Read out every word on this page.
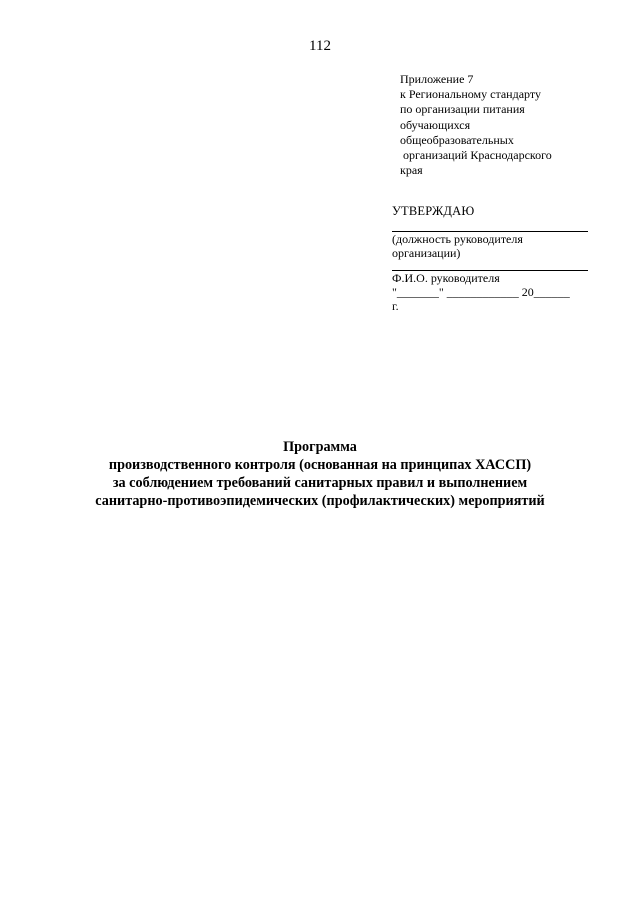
112
Приложение 7
к Региональному стандарту
по организации питания
обучающихся
общеобразовательных
организаций Краснодарского
края
УТВЕРЖДАЮ
(должность руководителя
организации)
Ф.И.О. руководителя
"_______" ____________ 20______
г.
Программа
производственного контроля (основанная на принципах ХАССП)
за соблюдением требований санитарных правил и выполнением
санитарно-противоэпидемических (профилактических) мероприятий
